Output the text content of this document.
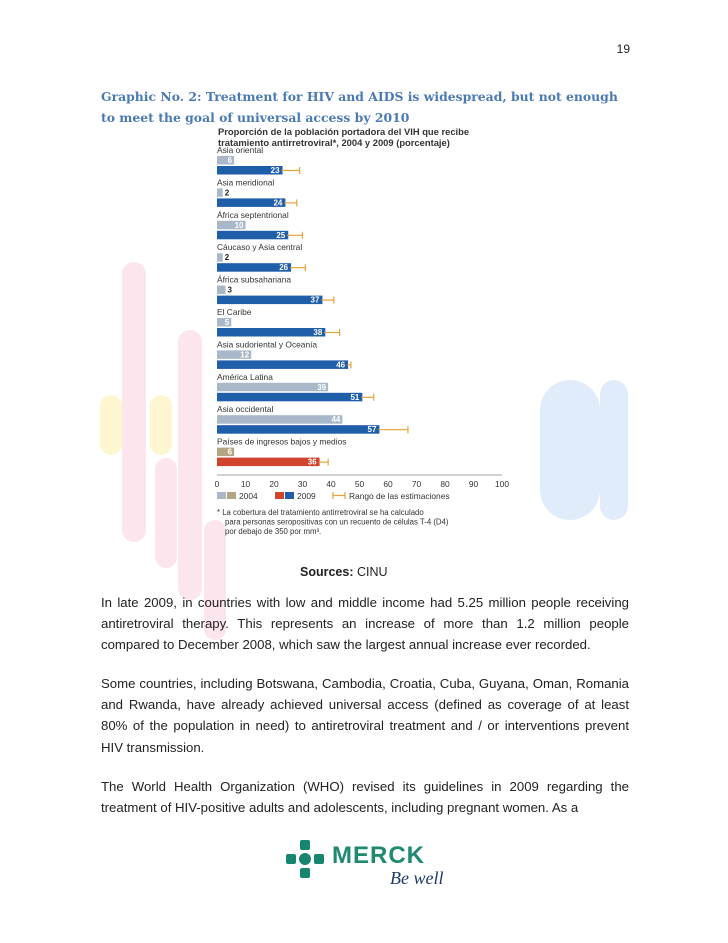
19
Graphic No. 2: Treatment for HIV and AIDS is widespread, but not enough to meet the goal of universal access by 2010
Proporción de la población portadora del VIH que recibe tratamiento antirretroviral*, 2004 y 2009 (porcentaje)
Asia oriental
6
23
Asia meridional
2
24
África septentrional
10
25
Cáucaso y Asia central
2
26
África subsahariana
3
37
El Caribe
5
38
Asia sudoriental y Oceanía
12
46
América Latina
39
51
Asia occidental
44
57
Países de ingresos bajos y medios
6
36
0	10 20 30 40 50 60 70 80 90 100
2004	2009	Rango de las estimaciones
* La cobertura del tratamiento antirretroviral se ha calculado para personas seropositivas con un recuento de células T-4 (D4) por debajo de 350 por mm³.
Sources: CINU
In late 2009, in countries with low and middle income had 5.25 million people receiving antiretroviral therapy. This represents an increase of more than 1.2 million people compared to December 2008, which saw the largest annual increase ever recorded.
Some countries, including Botswana, Cambodia, Croatia, Cuba, Guyana, Oman, Romania and Rwanda, have already achieved universal access (defined as coverage of at least 80% of the population in need) to antiretroviral treatment and / or interventions prevent HIV transmission.
The World Health Organization (WHO) revised its guidelines in 2009 regarding the treatment of HIV-positive adults and adolescents, including pregnant women. As a
MERCK
Be well
